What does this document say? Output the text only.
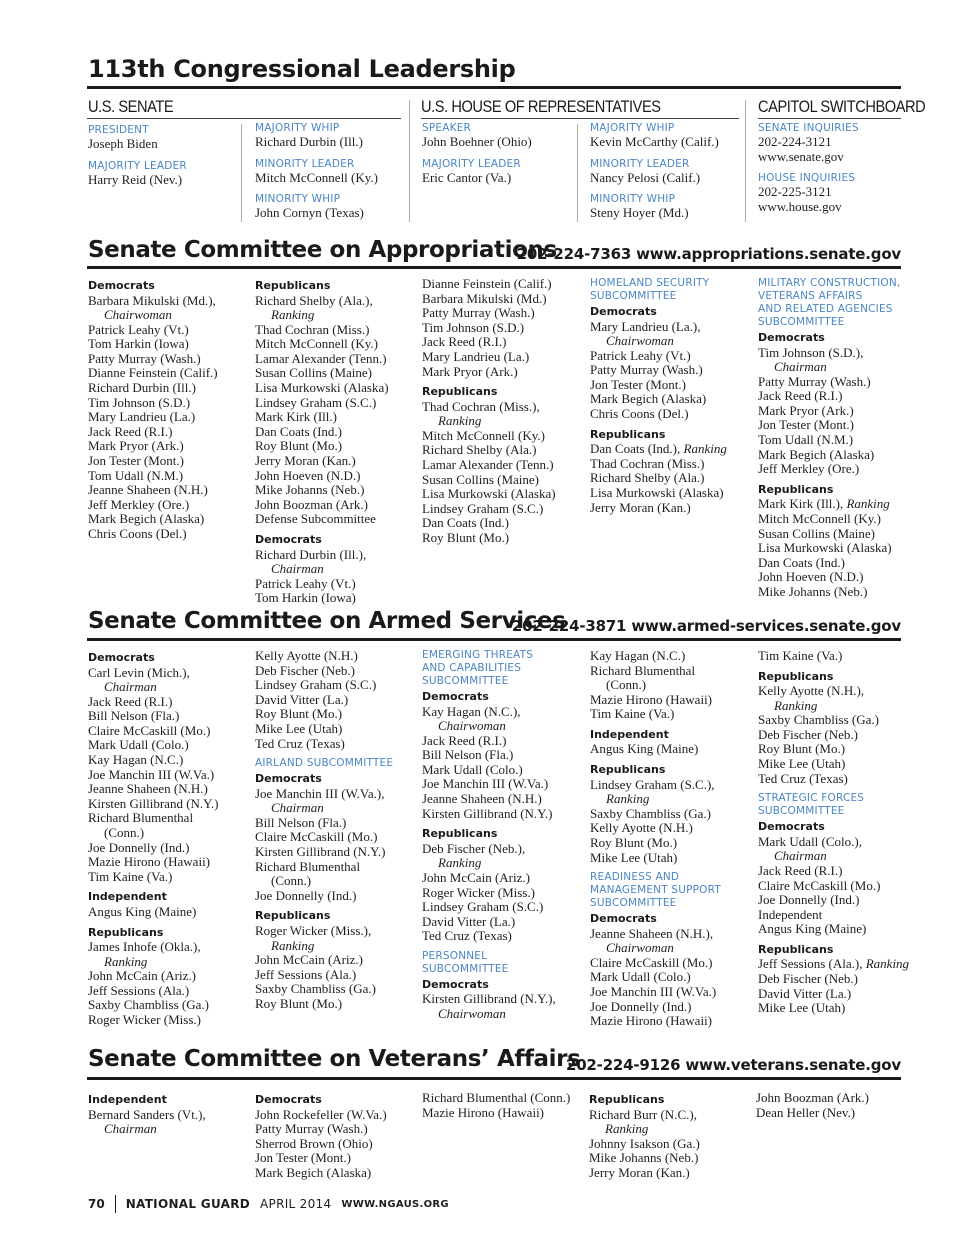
113th Congressional Leadership
U.S. SENATE	U.S. HOUSE OF REPRESENTATIVES	CAPITOL SWITCHBOARD
PRESIDENT
Joseph Biden
MAJORITY LEADER
Harry Reid (Nev.)
MAJORITY WHIP
Richard Durbin (Ill.)
MINORITY LEADER
Mitch McConnell (Ky.)
MINORITY WHIP
John Cornyn (Texas)
SPEAKER
John Boehner (Ohio)
MAJORITY LEADER
Eric Cantor (Va.)
MAJORITY WHIP
Kevin McCarthy (Calif.)
MINORITY LEADER
Nancy Pelosi (Calif.)
MINORITY WHIP
Steny Hoyer (Md.)
SENATE INQUIRIES
202-224-3121
www.senate.gov
HOUSE INQUIRIES
202-225-3121
www.house.gov
Senate Committee on Appropriations
202-224-7363 www.appropriations.senate.gov
Democrats
Barbara Mikulski (Md.),
Chairwoman
Patrick Leahy (Vt.)
Tom Harkin (Iowa)
Patty Murray (Wash.)
Dianne Feinstein (Calif.)
Richard Durbin (Ill.)
Tim Johnson (S.D.)
Mary Landrieu (La.)
Jack Reed (R.I.)
Mark Pryor (Ark.)
Jon Tester (Mont.)
Tom Udall (N.M.)
Jeanne Shaheen (N.H.)
Jeff Merkley (Ore.)
Mark Begich (Alaska)
Chris Coons (Del.)
Republicans
Richard Shelby (Ala.),
Ranking
Thad Cochran (Miss.)
Mitch McConnell (Ky.)
Lamar Alexander (Tenn.)
Susan Collins (Maine)
Lisa Murkowski (Alaska)
Lindsey Graham (S.C.)
Mark Kirk (Ill.)
Dan Coats (Ind.)
Roy Blunt (Mo.)
Jerry Moran (Kan.)
John Hoeven (N.D.)
Mike Johanns (Neb.)
John Boozman (Ark.)
Defense Subcommittee
Democrats
Richard Durbin (Ill.),
Chairman
Patrick Leahy (Vt.)
Tom Harkin (Iowa)
Dianne Feinstein (Calif.)
Barbara Mikulski (Md.)
Patty Murray (Wash.)
Tim Johnson (S.D.)
Jack Reed (R.I.)
Mary Landrieu (La.)
Mark Pryor (Ark.)
Republicans
Thad Cochran (Miss.),
Ranking
Mitch McConnell (Ky.)
Richard Shelby (Ala.)
Lamar Alexander (Tenn.)
Susan Collins (Maine)
Lisa Murkowski (Alaska)
Lindsey Graham (S.C.)
Dan Coats (Ind.)
Roy Blunt (Mo.)
HOMELAND SECURITY
SUBCOMMITTEE
Democrats
Mary Landrieu (La.),
Chairwoman
Patrick Leahy (Vt.)
Patty Murray (Wash.)
Jon Tester (Mont.)
Mark Begich (Alaska)
Chris Coons (Del.)
Republicans
Dan Coats (Ind.), Ranking
Thad Cochran (Miss.)
Richard Shelby (Ala.)
Lisa Murkowski (Alaska)
Jerry Moran (Kan.)
MILITARY CONSTRUCTION,
VETERANS AFFAIRS
AND RELATED AGENCIES
SUBCOMMITTEE
Democrats
Tim Johnson (S.D.),
Chairman
Patty Murray (Wash.)
Jack Reed (R.I.)
Mark Pryor (Ark.)
Jon Tester (Mont.)
Tom Udall (N.M.)
Mark Begich (Alaska)
Jeff Merkley (Ore.)
Republicans
Mark Kirk (Ill.), Ranking
Mitch McConnell (Ky.)
Susan Collins (Maine)
Lisa Murkowski (Alaska)
Dan Coats (Ind.)
John Hoeven (N.D.)
Mike Johanns (Neb.)
Senate Committee on Armed Services
202-224-3871 www.armed-services.senate.gov
Democrats
Carl Levin (Mich.),
Chairman
Jack Reed (R.I.)
Bill Nelson (Fla.)
Claire McCaskill (Mo.)
Mark Udall (Colo.)
Kay Hagan (N.C.)
Joe Manchin III (W.Va.)
Jeanne Shaheen (N.H.)
Kirsten Gillibrand (N.Y.)
Richard Blumenthal
(Conn.)
Joe Donnelly (Ind.)
Mazie Hirono (Hawaii)
Tim Kaine (Va.)
Independent
Angus King (Maine)
Republicans
James Inhofe (Okla.),
Ranking
John McCain (Ariz.)
Jeff Sessions (Ala.)
Saxby Chambliss (Ga.)
Roger Wicker (Miss.)
Kelly Ayotte (N.H.)
Deb Fischer (Neb.)
Lindsey Graham (S.C.)
David Vitter (La.)
Roy Blunt (Mo.)
Mike Lee (Utah)
Ted Cruz (Texas)
AIRLAND SUBCOMMITTEE
Democrats
Joe Manchin III (W.Va.),
Chairman
Bill Nelson (Fla.)
Claire McCaskill (Mo.)
Kirsten Gillibrand (N.Y.)
Richard Blumenthal
(Conn.)
Joe Donnelly (Ind.)
Republicans
Roger Wicker (Miss.),
Ranking
John McCain (Ariz.)
Jeff Sessions (Ala.)
Saxby Chambliss (Ga.)
Roy Blunt (Mo.)
EMERGING THREATS
AND CAPABILITIES
SUBCOMMITTEE
Democrats
Kay Hagan (N.C.),
Chairwoman
Jack Reed (R.I.)
Bill Nelson (Fla.)
Mark Udall (Colo.)
Joe Manchin III (W.Va.)
Jeanne Shaheen (N.H.)
Kirsten Gillibrand (N.Y.)
Republicans
Deb Fischer (Neb.),
Ranking
John McCain (Ariz.)
Roger Wicker (Miss.)
Lindsey Graham (S.C.)
David Vitter (La.)
Ted Cruz (Texas)
PERSONNEL
SUBCOMMITTEE
Democrats
Kirsten Gillibrand (N.Y.),
Chairwoman
Kay Hagan (N.C.)
Richard Blumenthal
(Conn.)
Mazie Hirono (Hawaii)
Tim Kaine (Va.)
Independent
Angus King (Maine)
Republicans
Lindsey Graham (S.C.),
Ranking
Saxby Chambliss (Ga.)
Kelly Ayotte (N.H.)
Roy Blunt (Mo.)
Mike Lee (Utah)
READINESS AND
MANAGEMENT SUPPORT
SUBCOMMITTEE
Democrats
Jeanne Shaheen (N.H.),
Chairwoman
Claire McCaskill (Mo.)
Mark Udall (Colo.)
Joe Manchin III (W.Va.)
Joe Donnelly (Ind.)
Mazie Hirono (Hawaii)
Tim Kaine (Va.)
Republicans
Kelly Ayotte (N.H.),
Ranking
Saxby Chambliss (Ga.)
Deb Fischer (Neb.)
Roy Blunt (Mo.)
Mike Lee (Utah)
Ted Cruz (Texas)
STRATEGIC FORCES
SUBCOMMITTEE
Democrats
Mark Udall (Colo.),
Chairman
Jack Reed (R.I.)
Claire McCaskill (Mo.)
Joe Donnelly (Ind.)
Independent
Angus King (Maine)
Republicans
Jeff Sessions (Ala.), Ranking
Deb Fischer (Neb.)
David Vitter (La.)
Mike Lee (Utah)
Senate Committee on Veterans’ Affairs
202-224-9126 www.veterans.senate.gov
Independent
Bernard Sanders (Vt.),
Chairman
Democrats
John Rockefeller (W.Va.)
Patty Murray (Wash.)
Sherrod Brown (Ohio)
Jon Tester (Mont.)
Mark Begich (Alaska)
Richard Blumenthal (Conn.)
Mazie Hirono (Hawaii)
Republicans
Richard Burr (N.C.),
Ranking
Johnny Isakson (Ga.)
Mike Johanns (Neb.)
Jerry Moran (Kan.)
John Boozman (Ark.)
Dean Heller (Nev.)
70 NATIONAL GUARD APRIL 2014 WWW.NGAUS.ORG
